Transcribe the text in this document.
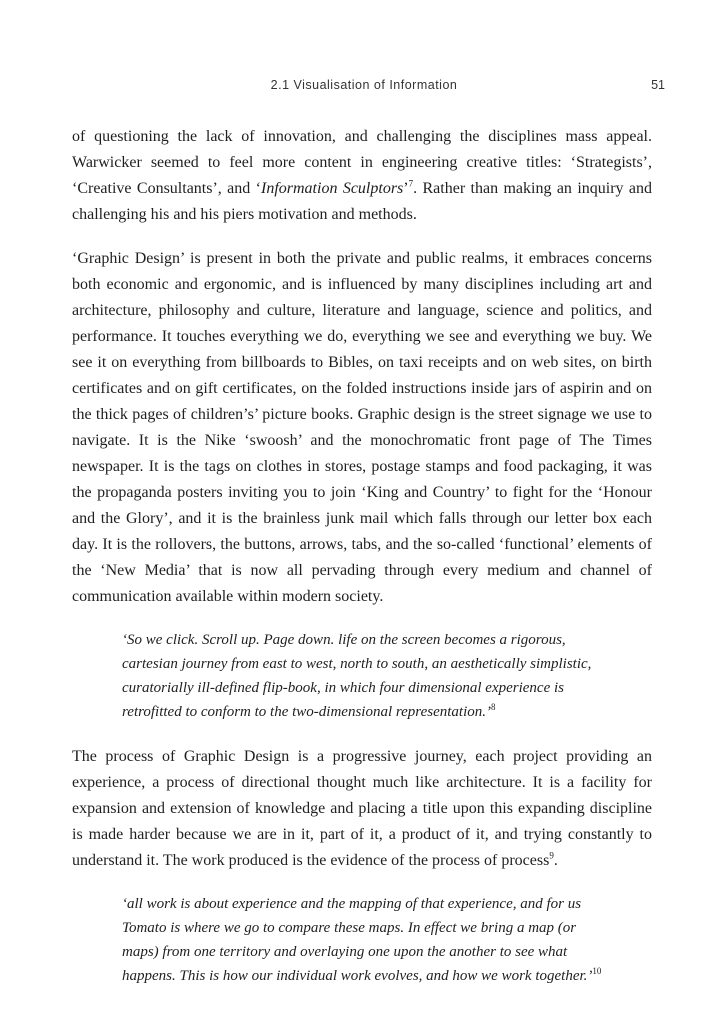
2.1 Visualisation of Information	51

of questioning the lack of innovation, and challenging the disciplines mass appeal. Warwicker seemed to feel more content in engineering creative titles: ‘Strategists’, ‘Creative Consultants’, and ‘Information Sculptors’$^7$. Rather than making an inquiry and challenging his and his piers motivation and methods.

‘Graphic Design’ is present in both the private and public realms, it embraces concerns both economic and ergonomic, and is influenced by many disciplines including art and architecture, philosophy and culture, literature and language, science and politics, and performance. It touches everything we do, everything we see and everything we buy. We see it on everything from billboards to Bibles, on taxi receipts and on web sites, on birth certificates and on gift certificates, on the folded instructions inside jars of aspirin and on the thick pages of children’s’ picture books. Graphic design is the street signage we use to navigate. It is the Nike ‘swoosh’ and the monochromatic front page of The Times newspaper. It is the tags on clothes in stores, postage stamps and food packaging, it was the propaganda posters inviting you to join ‘King and Country’ to fight for the ‘Honour and the Glory’, and it is the brainless junk mail which falls through our letter box each day. It is the rollovers, the buttons, arrows, tabs, and the so-called ‘functional’ elements of the ‘New Media’ that is now all pervading through every medium and channel of communication available within modern society.

‘So we click. Scroll up. Page down. life on the screen becomes a rigorous, cartesian journey from east to west, north to south, an aesthetically simplistic, curatorially ill-defined flip-book, in which four dimensional experience is retrofitted to conform to the two-dimensional representation.’$^8$

The process of Graphic Design is a progressive journey, each project providing an experience, a process of directional thought much like architecture. It is a facility for expansion and extension of knowledge and placing a title upon this expanding discipline is made harder because we are in it, part of it, a product of it, and trying constantly to understand it. The work produced is the evidence of the process of process$^9$.

‘all work is about experience and the mapping of that experience, and for us Tomato is where we go to compare these maps. In effect we bring a map (or maps) from one territory and overlaying one upon the another to see what happens. This is how our individual work evolves, and how we work together.’$^{10}$
